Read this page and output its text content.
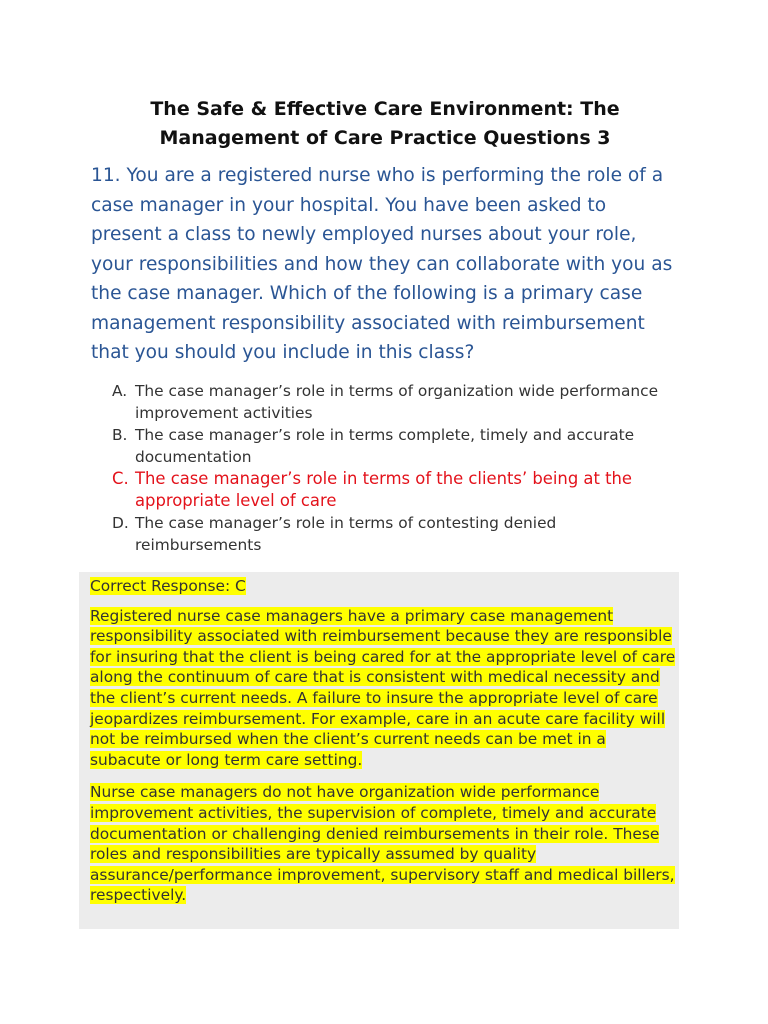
The Safe & Effective Care Environment: The Management of Care Practice Questions 3
11. You are a registered nurse who is performing the role of a case manager in your hospital. You have been asked to present a class to newly employed nurses about your role, your responsibilities and how they can collaborate with you as the case manager. Which of the following is a primary case management responsibility associated with reimbursement that you should you include in this class?
A. The case manager’s role in terms of organization wide performance improvement activities
B. The case manager’s role in terms complete, timely and accurate documentation
C. The case manager’s role in terms of the clients’ being at the appropriate level of care
D. The case manager’s role in terms of contesting denied reimbursements

Correct Response: C

Registered nurse case managers have a primary case management responsibility associated with reimbursement because they are responsible for insuring that the client is being cared for at the appropriate level of care along the continuum of care that is consistent with medical necessity and the client’s current needs. A failure to insure the appropriate level of care jeopardizes reimbursement. For example, care in an acute care facility will not be reimbursed when the client’s current needs can be met in a subacute or long term care setting.

Nurse case managers do not have organization wide performance improvement activities, the supervision of complete, timely and accurate documentation or challenging denied reimbursements in their role. These roles and responsibilities are typically assumed by quality assurance/performance improvement, supervisory staff and medical billers, respectively.
